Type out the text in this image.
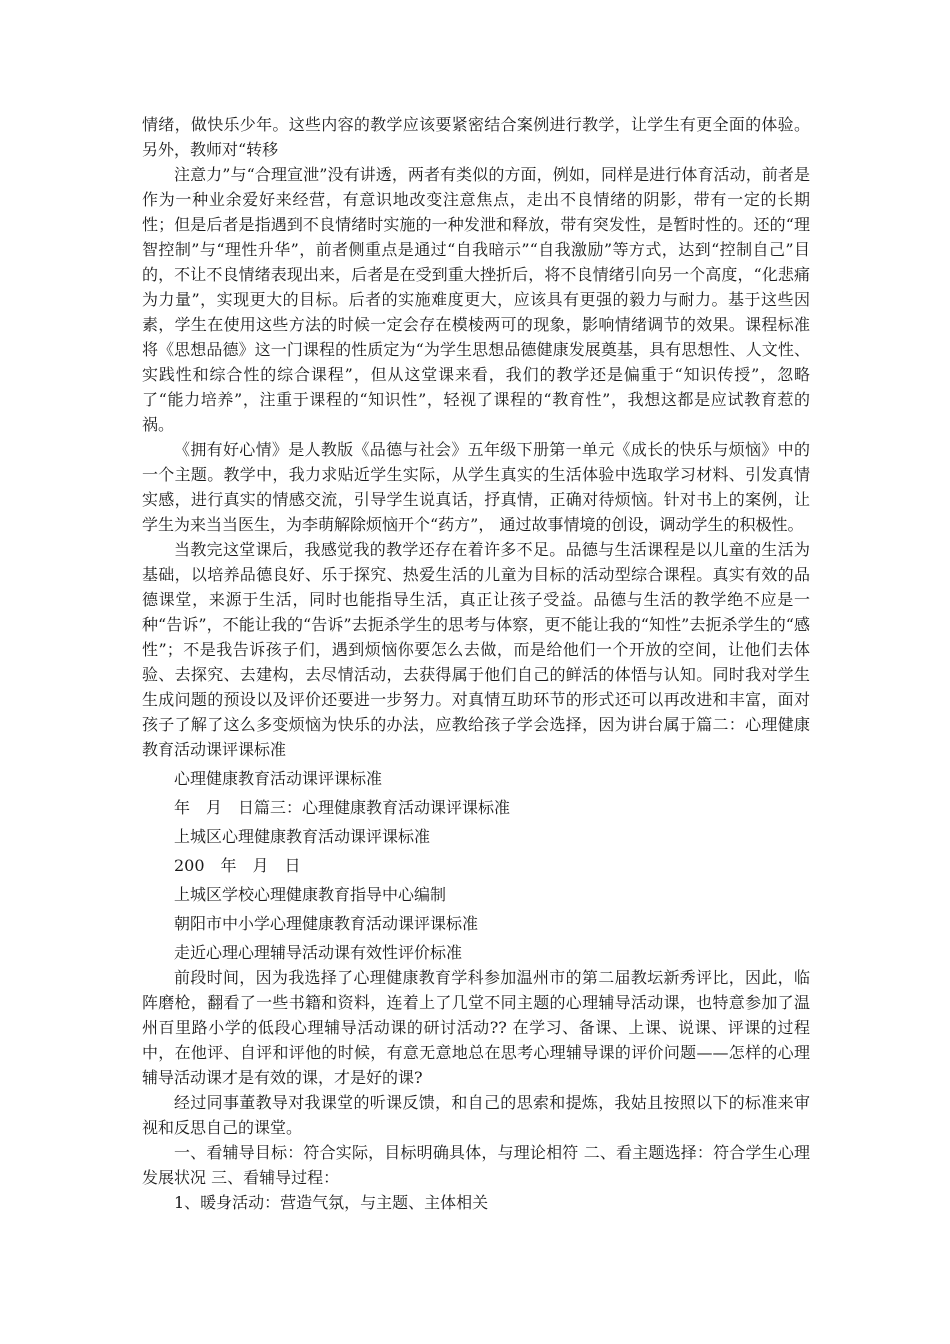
情绪，做快乐少年。这些内容的教学应该要紧密结合案例进行教学，让学生有更全面的体验。另外，教师对“转移

注意力”与“合理宣泄”没有讲透，两者有类似的方面，例如，同样是进行体育活动，前者是作为一种业余爱好来经营，有意识地改变注意焦点，走出不良情绪的阴影，带有一定的长期性；但是后者是指遇到不良情绪时实施的一种发泄和释放，带有突发性，是暂时性的。还的“理智控制”与“理性升华”，前者侧重点是通过“自我暗示”“自我激励”等方式，达到“控制自己”目的，不让不良情绪表现出来，后者是在受到重大挫折后，将不良情绪引向另一个高度，“化悲痛为力量”，实现更大的目标。后者的实施难度更大，应该具有更强的毅力与耐力。基于这些因素，学生在使用这些方法的时候一定会存在模棱两可的现象，影响情绪调节的效果。课程标准将《思想品德》这一门课程的性质定为“为学生思想品德健康发展奠基，具有思想性、人文性、实践性和综合性的综合课程”，但从这堂课来看，我们的教学还是偏重于“知识传授”，忽略了“能力培养”，注重于课程的“知识性”，轻视了课程的“教育性”，我想这都是应试教育惹的祸。

《拥有好心情》是人教版《品德与社会》五年级下册第一单元《成长的快乐与烦恼》中的一个主题。教学中，我力求贴近学生实际，从学生真实的生活体验中选取学习材料、引发真情实感，进行真实的情感交流，引导学生说真话，抒真情，正确对待烦恼。针对书上的案例，让学生为来当当医生，为李萌解除烦恼开个“药方”， 通过故事情境的创设，调动学生的积极性。

当教完这堂课后，我感觉我的教学还存在着许多不足。品德与生活课程是以儿童的生活为基础，以培养品德良好、乐于探究、热爱生活的儿童为目标的活动型综合课程。真实有效的品德课堂，来源于生活，同时也能指导生活，真正让孩子受益。品德与生活的教学绝不应是一种“告诉”，不能让我的“告诉”去扼杀学生的思考与体察，更不能让我的“知性”去扼杀学生的“感性”；不是我告诉孩子们，遇到烦恼你要怎么去做，而是给他们一个开放的空间，让他们去体验、去探究、去建构，去尽情活动，去获得属于他们自己的鲜活的体悟与认知。同时我对学生生成问题的预设以及评价还要进一步努力。对真情互助环节的形式还可以再改进和丰富，面对孩子了解了这么多变烦恼为快乐的办法，应教给孩子学会选择，因为讲台属于篇二：心理健康教育活动课评课标准

心理健康教育活动课评课标准

年　月　日篇三：心理健康教育活动课评课标准

上城区心理健康教育活动课评课标准

200　年　月　日

上城区学校心理健康教育指导中心编制

朝阳市中小学心理健康教育活动课评课标准

走近心理心理辅导活动课有效性评价标准

前段时间，因为我选择了心理健康教育学科参加温州市的第二届教坛新秀评比，因此，临阵磨枪，翻看了一些书籍和资料，连着上了几堂不同主题的心理辅导活动课，也特意参加了温州百里路小学的低段心理辅导活动课的研讨活动?? 在学习、备课、上课、说课、评课的过程中，在他评、自评和评他的时候，有意无意地总在思考心理辅导课的评价问题——怎样的心理辅导活动课才是有效的课，才是好的课?

经过同事董教导对我课堂的听课反馈，和自己的思索和提炼，我姑且按照以下的标准来审视和反思自己的课堂。

一、看辅导目标：符合实际，目标明确具体，与理论相符 二、看主题选择：符合学生心理发展状况 三、看辅导过程：

1、暖身活动：营造气氛，与主题、主体相关
